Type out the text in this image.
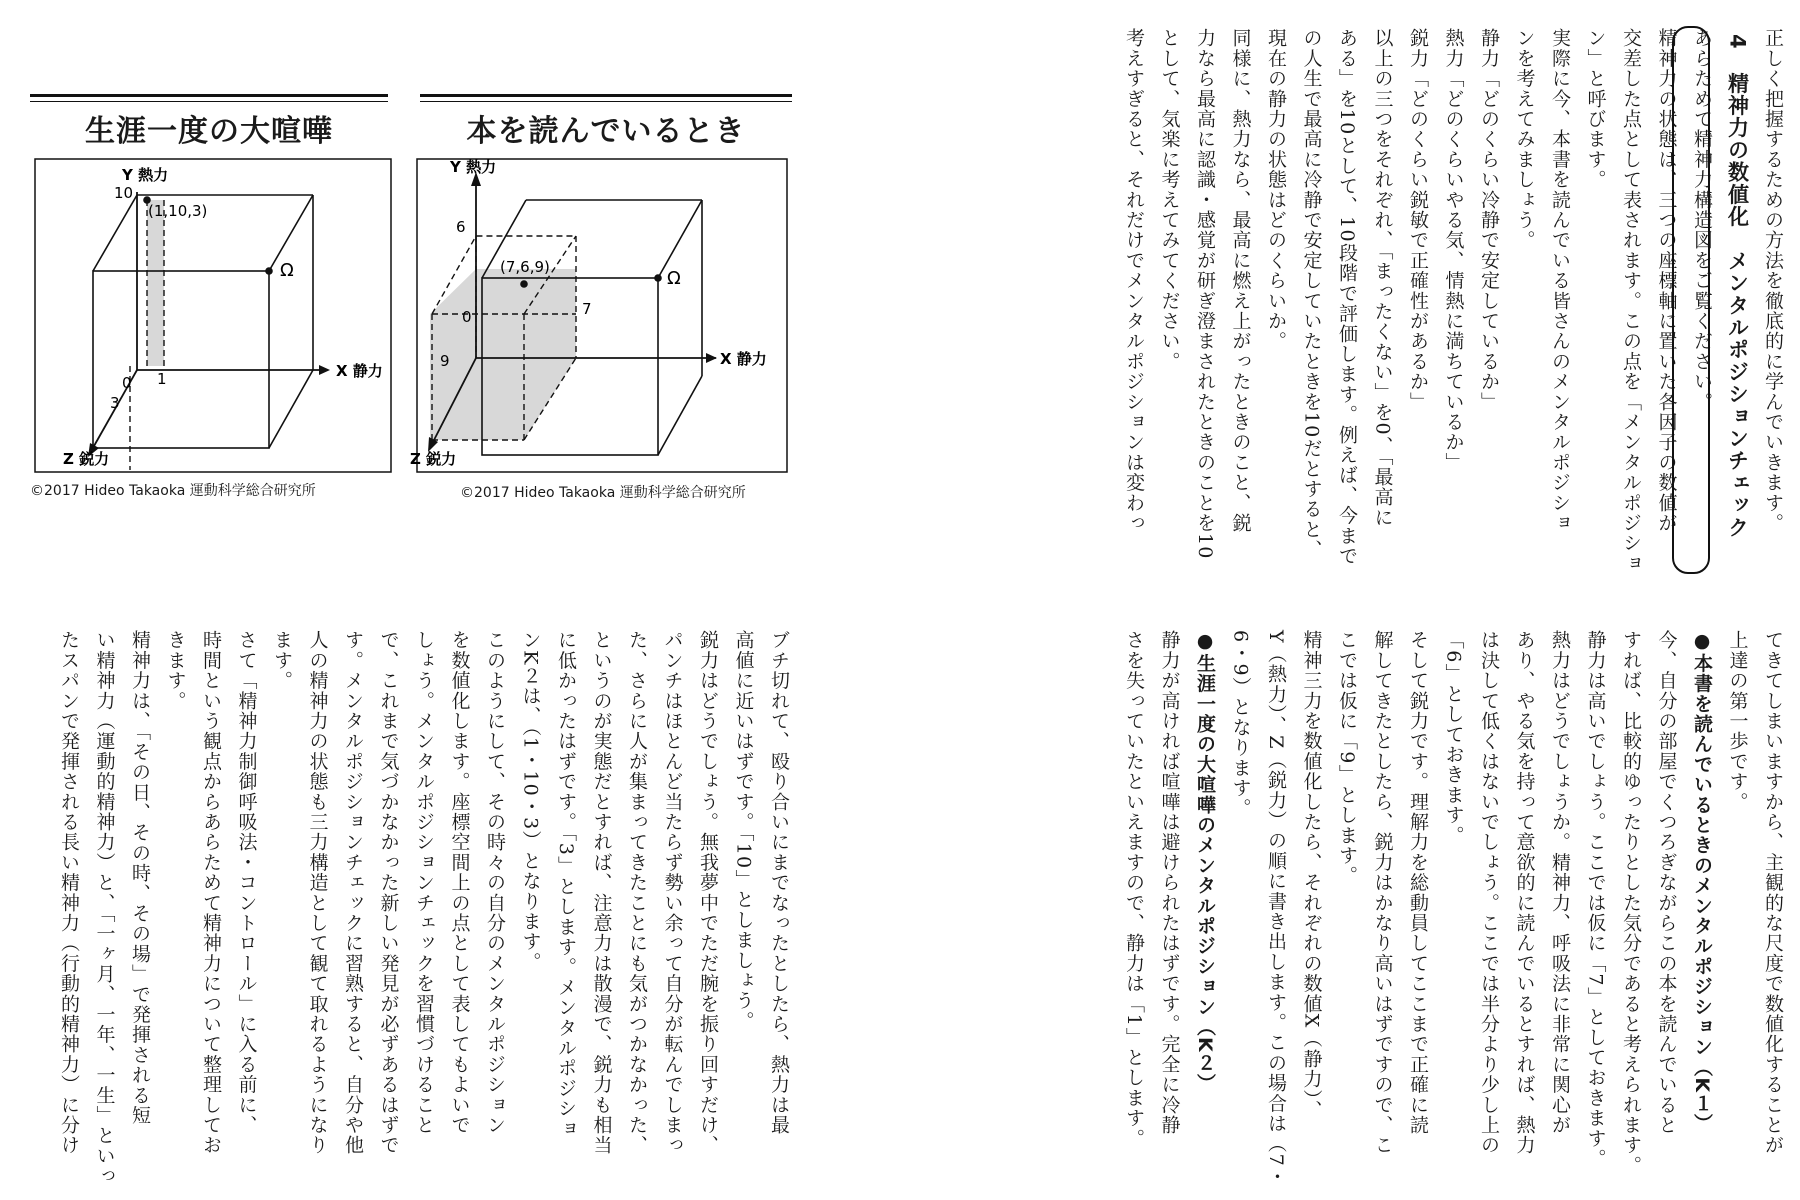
生涯一度の大喧嘩
Y 熱力
10
(1,10,3)
Ω
0 1
3
X 静力
Z 鋭力
©2017 Hideo Takaoka 運動科学総合研究所
本を読んでいるとき
Y 熱力
6
(7,6,9)
Ω
0	7
9	X 静力
Z 鋭力
©2017 Hideo Takaoka 運動科学総合研究所	正しく把握するための方法を徹底的に学んでいきます。
4 精神力の数値化　メンタルポジションチェック
あらためて精神力構造図をご覧ください。
精神力の状態は、三つの座標軸に置いた各因子の数値が
交差した点として表されます。この点を「メンタルポジショ
ン」と呼びます。
実際に今、本書を読んでいる皆さんのメンタルポジショ
ンを考えてみましょう。
静力「どのくらい冷静で安定しているか」
熱力「どのくらいやる気、情熱に満ちているか」
鋭力「どのくらい鋭敏で正確性があるか」
以上の三つをそれぞれ、「まったくない」を0、「最高に
ある」を10として、10段階で評価します。例えば、今まで
の人生で最高に冷静で安定していたときを10だとすると、
現在の静力の状態はどのくらいか。
同様に、熱力なら、最高に燃え上がったときのこと、鋭
力なら最高に認識・感覚が研ぎ澄まされたときのことを10
として、気楽に考えてみてください。
考えすぎると、それだけでメンタルポジションは変わっ
てきてしまいますから、主観的な尺度で数値化することが
上達の第一歩です。
●本書を読んでいるときのメンタルポジション（K１）
今、自分の部屋でくつろぎながらこの本を読んでいると
すれば、比較的ゆったりとした気分であると考えられます。
静力は高いでしょう。ここでは仮に「7」としておきます。
熱力はどうでしょうか。精神力、呼吸法に非常に関心が
あり、やる気を持って意欲的に読んでいるとすれば、熱力
は決して低くはないでしょう。ここでは半分より少し上の
「6」としておきます。
そして鋭力です。理解力を総動員してここまで正確に読
解してきたとしたら、鋭力はかなり高いはずですので、こ
こでは仮に「9」とします。
精神三力を数値化したら、それぞれの数値X（静力）、
Y（熱力）、Z（鋭力）の順に書き出します。この場合は（7・
6・9）となります。
●生涯一度の大喧嘩のメンタルポジション（K２）
静力が高ければ喧嘩は避けられたはずです。完全に冷静
さを失っていたといえますので、静力は「1」とします。
ブチ切れて、殴り合いにまでなったとしたら、熱力は最
高値に近いはずです。「10」としましょう。
鋭力はどうでしょう。無我夢中でただ腕を振り回すだけ、
パンチはほとんど当たらず勢い余って自分が転んでしまっ
た、さらに人が集まってきたことにも気がつかなかった、
というのが実態だとすれば、注意力は散漫で、鋭力も相当
に低かったはずです。「3」とします。メンタルポジショ
ンK２は、（1・10・3）となります。
このようにして、その時々の自分のメンタルポジション
を数値化します。座標空間上の点として表してもよいで
しょう。メンタルポジションチェックを習慣づけること
で、これまで気づかなかった新しい発見が必ずあるはずで
す。メンタルポジションチェックに習熟すると、自分や他
人の精神力の状態も三力構造として観て取れるようになり
ます。
さて「精神力制御呼吸法・コントロール」に入る前に、
時間という観点からあらためて精神力について整理してお
きます。
精神力は、「その日、その時、その場」で発揮される短
い精神力（運動的精神力）と、「一ヶ月、一年、一生」といっ
たスパンで発揮される長い精神力（行動的精神力）に分け
